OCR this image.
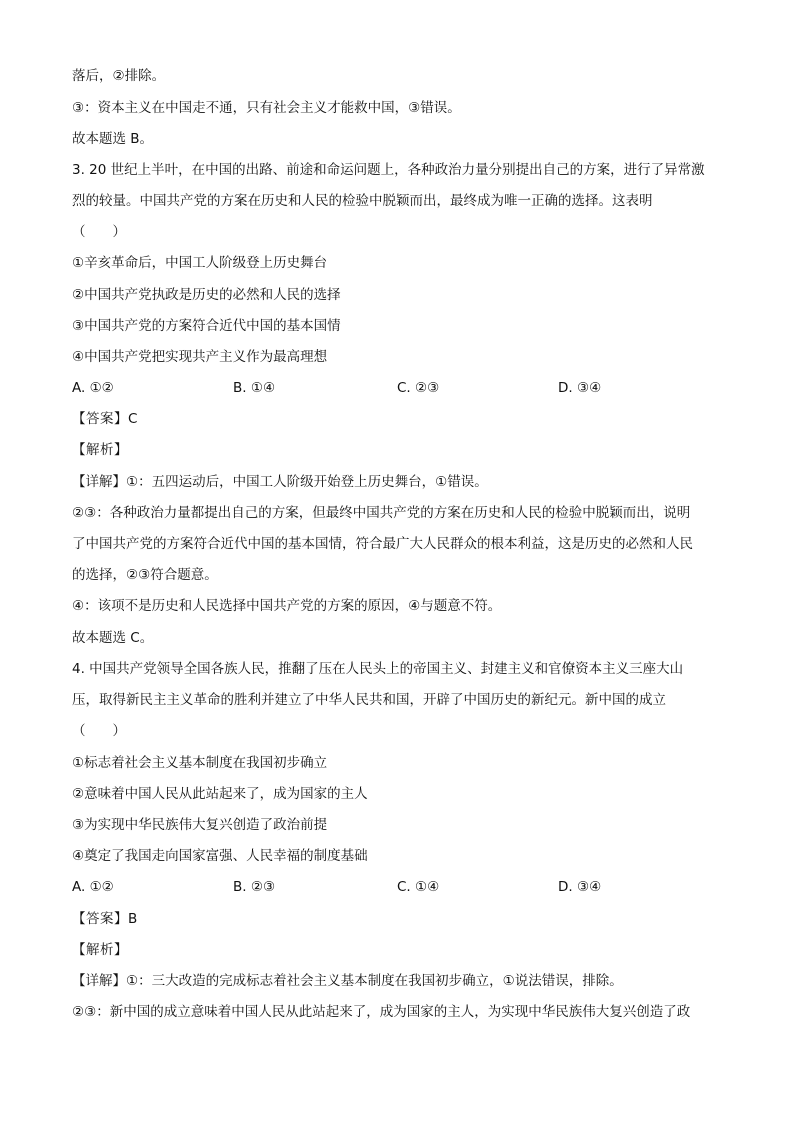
落后，②排除。
③：资本主义在中国走不通，只有社会主义才能救中国，③错误。
故本题选 B。
3. 20 世纪上半叶，在中国的出路、前途和命运问题上，各种政治力量分别提出自己的方案，进行了异常激
烈的较量。中国共产党的方案在历史和人民的检验中脱颖而出，最终成为唯一正确的选择。这表明
（　　）
①辛亥革命后，中国工人阶级登上历史舞台
②中国共产党执政是历史的必然和人民的选择
③中国共产党的方案符合近代中国的基本国情
④中国共产党把实现共产主义作为最高理想
A. ①②	B. ①④	C. ②③	D. ③④
【答案】C
【解析】
【详解】①：五四运动后，中国工人阶级开始登上历史舞台，①错误。
②③：各种政治力量都提出自己的方案，但最终中国共产党的方案在历史和人民的检验中脱颖而出，说明
了中国共产党的方案符合近代中国的基本国情，符合最广大人民群众的根本利益，这是历史的必然和人民
的选择，②③符合题意。
④：该项不是历史和人民选择中国共产党的方案的原因，④与题意不符。
故本题选 C。
4. 中国共产党领导全国各族人民，推翻了压在人民头上的帝国主义、封建主义和官僚资本主义三座大山
压，取得新民主主义革命的胜利并建立了中华人民共和国，开辟了中国历史的新纪元。新中国的成立
（　　）
①标志着社会主义基本制度在我国初步确立
②意味着中国人民从此站起来了，成为国家的主人
③为实现中华民族伟大复兴创造了政治前提
④奠定了我国走向国家富强、人民幸福的制度基础
A. ①②	B. ②③	C. ①④	D. ③④
【答案】B
【解析】
【详解】①：三大改造的完成标志着社会主义基本制度在我国初步确立，①说法错误，排除。
②③：新中国的成立意味着中国人民从此站起来了，成为国家的主人，为实现中华民族伟大复兴创造了政
